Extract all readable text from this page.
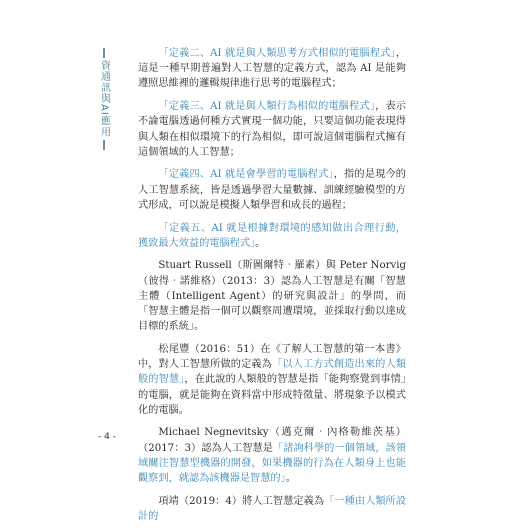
資通訊與AI應用
- 4 -

「定義二、AI 就是與人類思考方式相似的電腦程式」，這是一種早期普遍對人工智慧的定義方式，認為 AI 是能夠遵照思維裡的邏輯規律進行思考的電腦程式；

「定義三、AI 就是與人類行為相似的電腦程式」，表示不論電腦透過何種方式實現一個功能，只要這個功能表現得與人類在相似環境下的行為相似，即可說這個電腦程式擁有這個領域的人工智慧；

「定義四、AI 就是會學習的電腦程式」，指的是現今的人工智慧系統，皆是透過學習大量數據、訓練經驗模型的方式形成，可以說是模擬人類學習和成長的過程；

「定義五、AI 就是根據對環境的感知做出合理行動，獲致最大效益的電腦程式」。

Stuart Russell（斯圖爾特‧羅素）與 Peter Norvig（彼得‧諾維格）（2013：3）認為人工智慧是有關「智慧主體（Intelligent Agent）的研究與設計」的學問，而「智慧主體是指一個可以觀察周遭環境，並採取行動以達成目標的系統」。

松尾豐（2016：51）在《了解人工智慧的第一本書》中，對人工智慧所做的定義為「以人工方式創造出來的人類般的智慧」，在此說的人類般的智慧是指「能夠察覺到事情」的電腦，就是能夠在資料當中形成特徵量、將現象予以模式化的電腦。

Michael Negnevitsky（邁克爾‧內格勒維茨基）（2017：3）認為人工智慧是「諸詢科學的一個領域，該領域關注智慧型機器的開發，如果機器的行為在人類身上也能觀察到，就認為該機器是智慧的」。

項靖（2019：4）將人工智慧定義為「一種由人類所設計的
